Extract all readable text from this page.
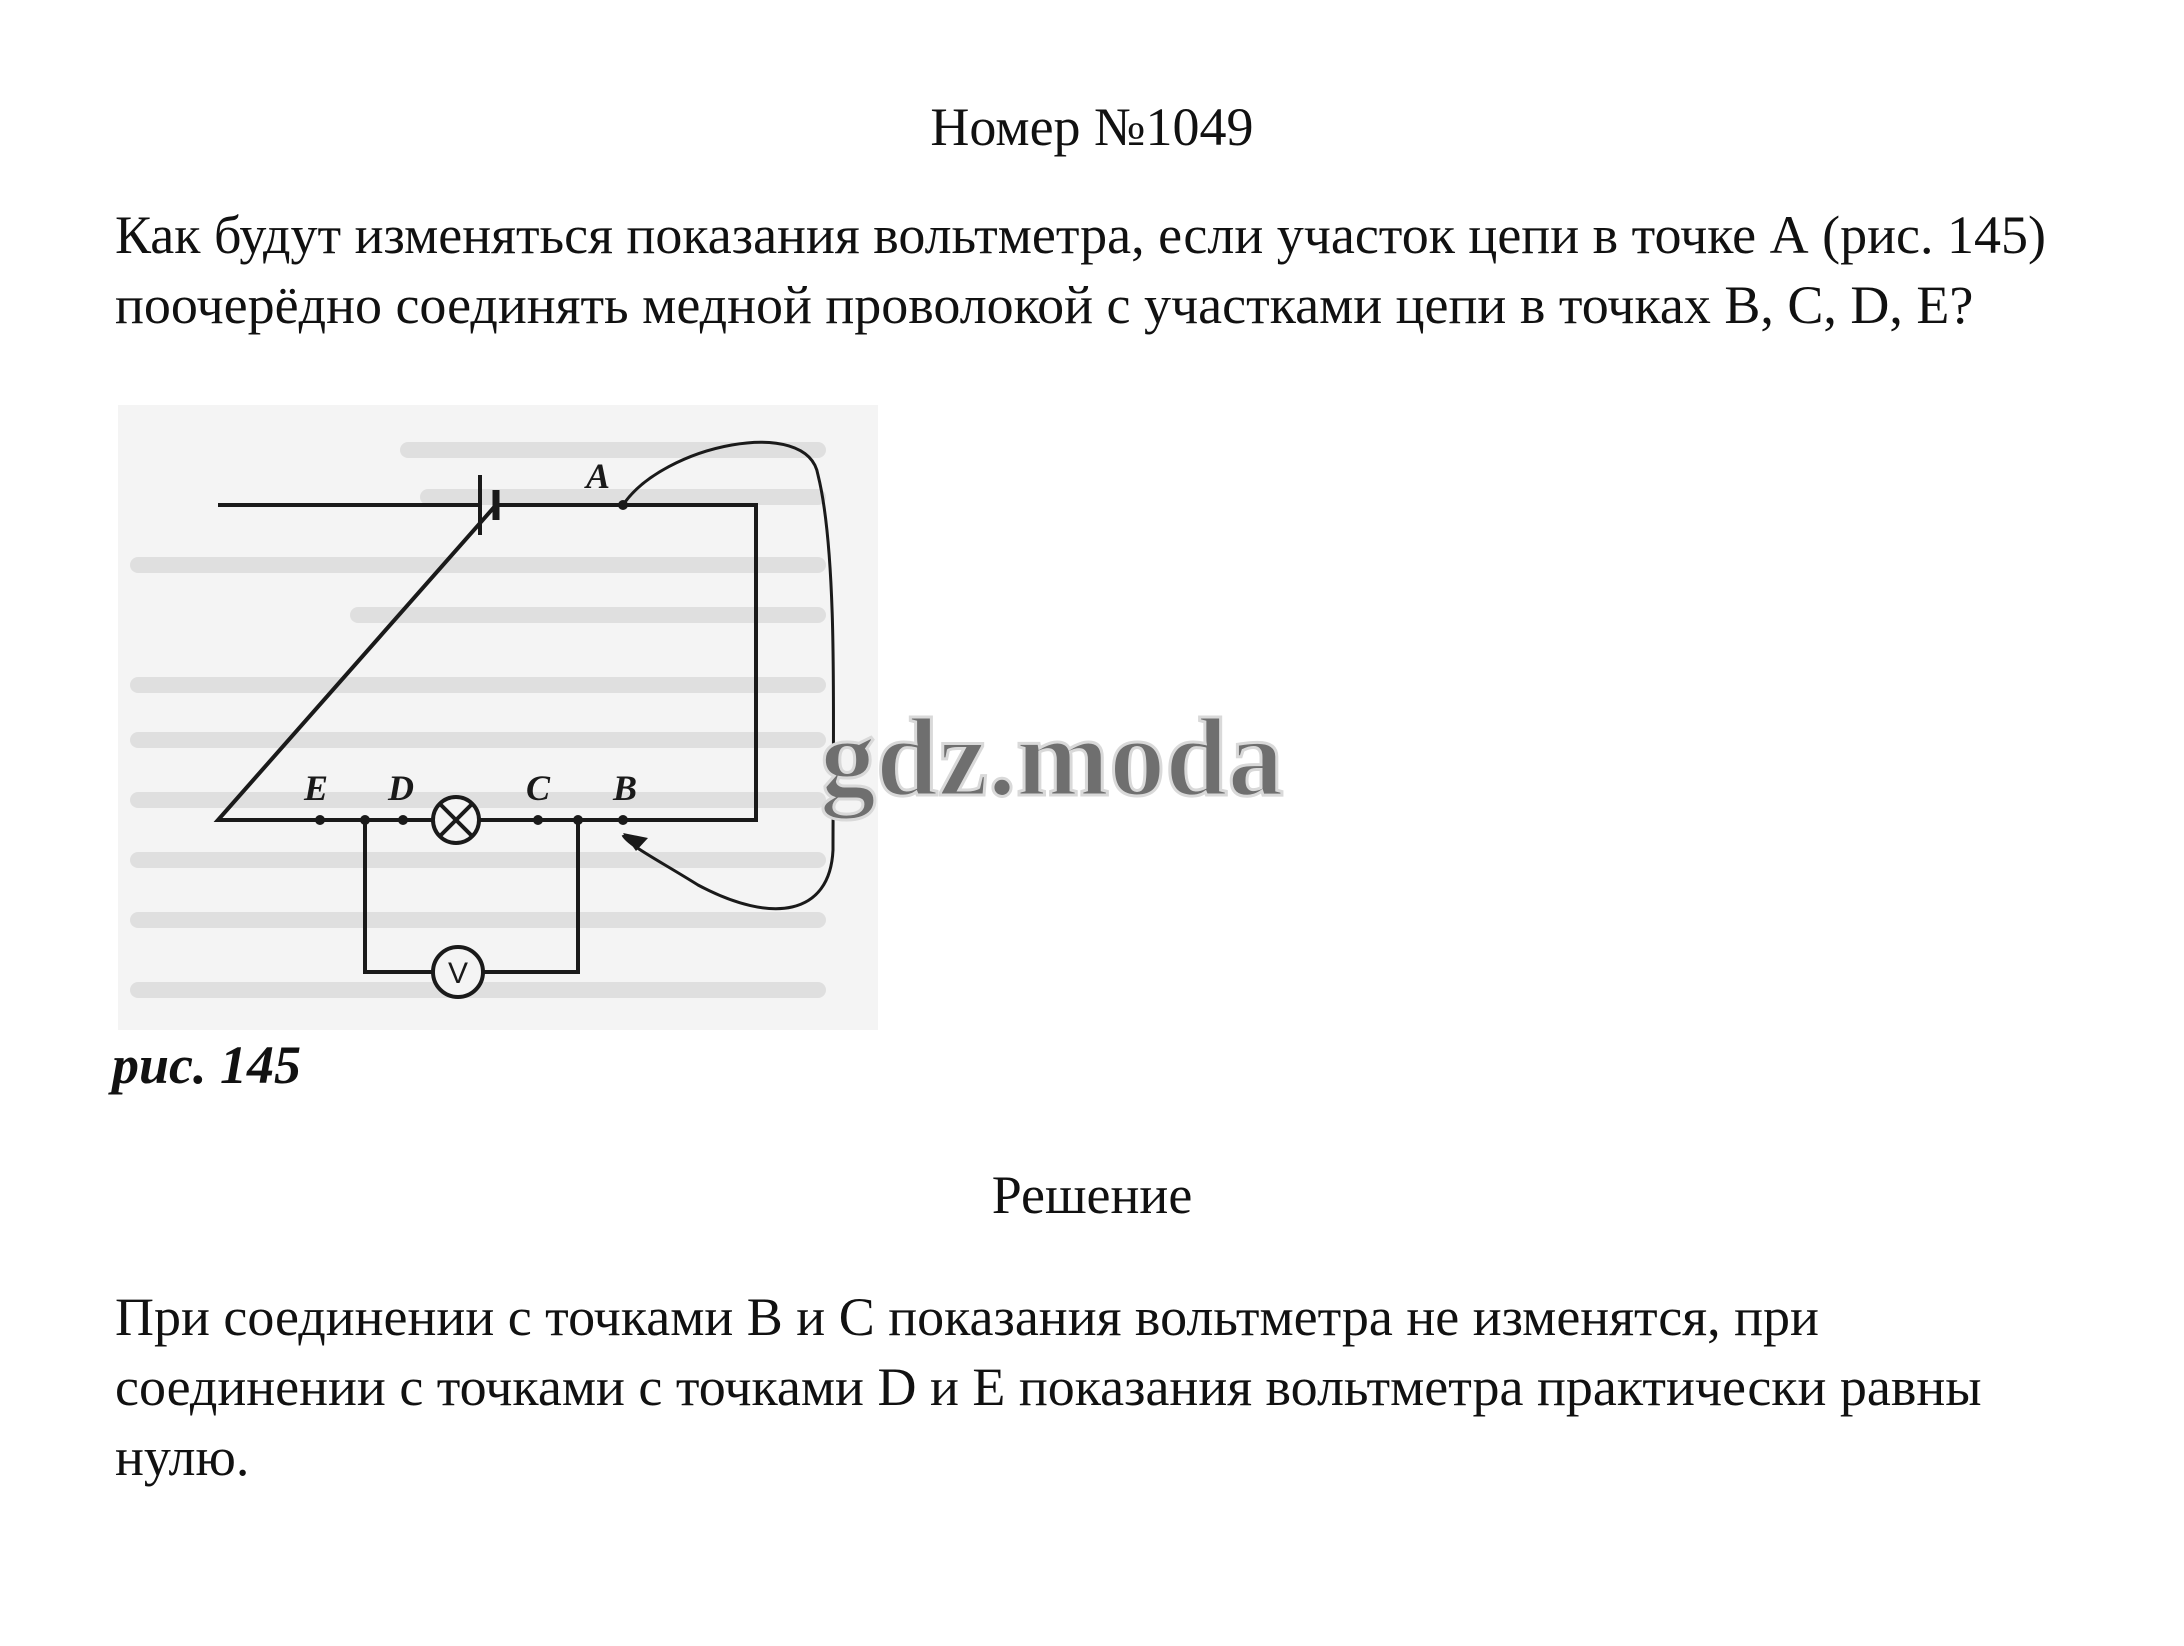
Номер №1049

Как будут изменяться показания вольтметра, если участок цепи в точке А (рис. 145) поочерёдно соединять медной проволокой с участками цепи в точках В, С, D, Е?

V
A
B
C
D
E
рис. 145
Решение

При соединении с точками В и С показания вольтметра не изменятся, при соединении с точками с точками D и Е показания вольтметра практически равны нулю.

gdz.moda
